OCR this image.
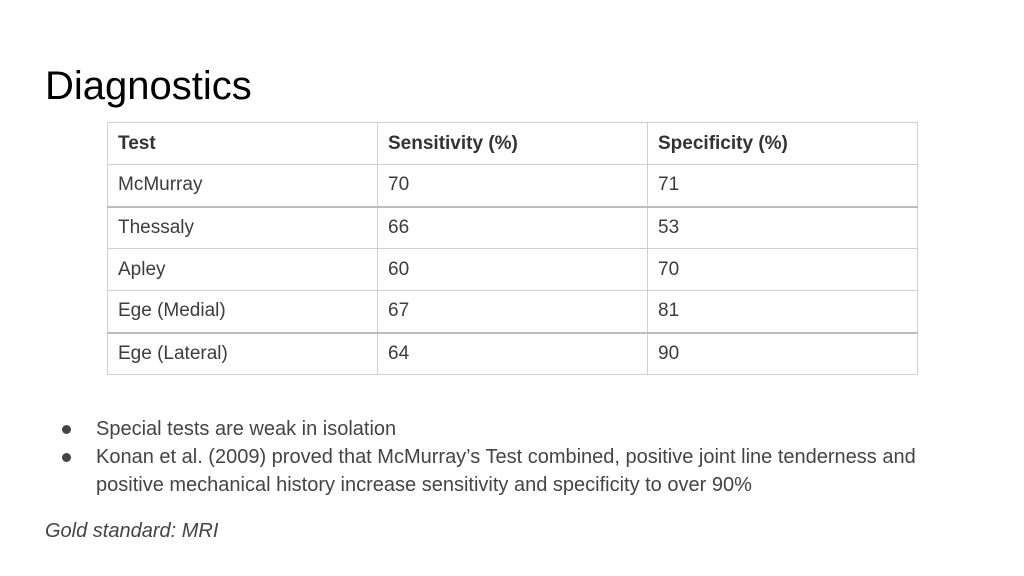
Diagnostics
Test	Sensitivity (%)	Specificity (%)
McMurray	70	71
Thessaly	66	53
Apley	60	70
Ege (Medial)	67	81
Ege (Lateral)	64	90
Special tests are weak in isolation
Konan et al. (2009) proved that McMurray’s Test combined, positive joint line tenderness and positive mechanical history increase sensitivity and specificity to over 90%

Gold standard: MRI
